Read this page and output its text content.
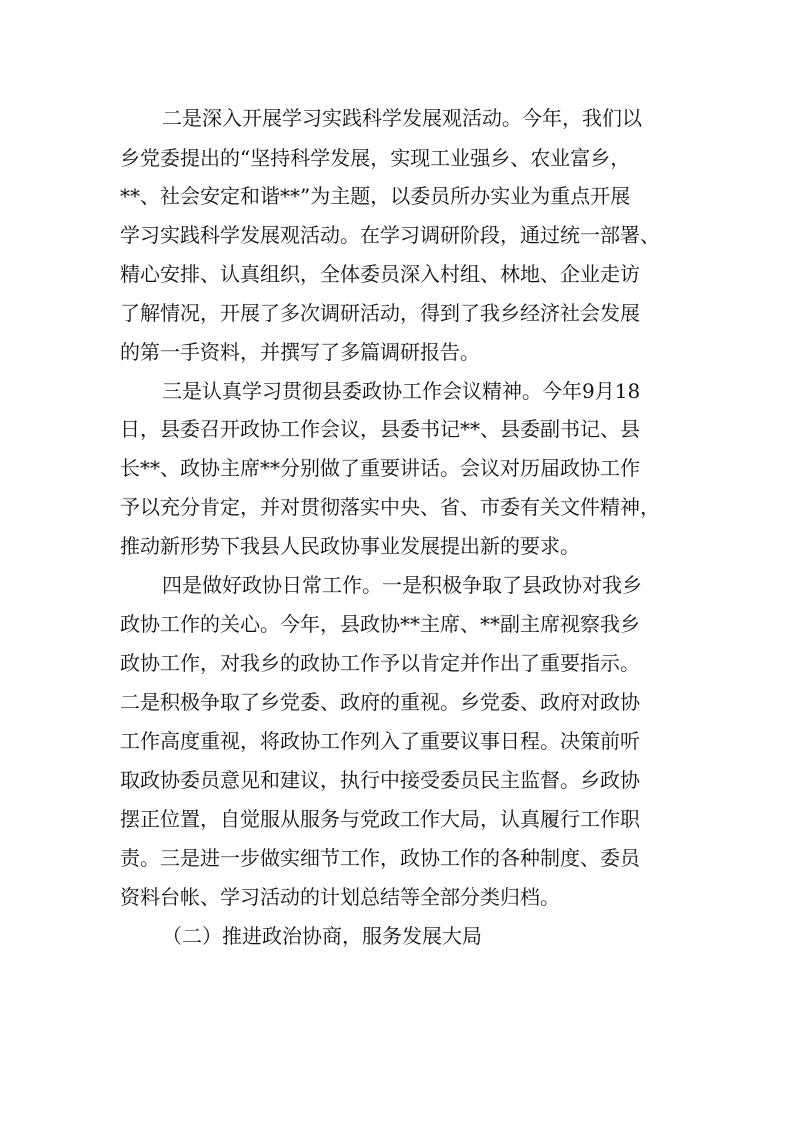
二是深入开展学习实践科学发展观活动。今年，我们以
乡党委提出的“坚持科学发展，实现工业强乡、农业富乡，
**、社会安定和谐**”为主题，以委员所办实业为重点开展
学习实践科学发展观活动。在学习调研阶段，通过统一部署、
精心安排、认真组织，全体委员深入村组、林地、企业走访
了解情况，开展了多次调研活动，得到了我乡经济社会发展
的第一手资料，并撰写了多篇调研报告。
三是认真学习贯彻县委政协工作会议精神。今年9月18
日，县委召开政协工作会议，县委书记**、县委副书记、县
长**、政协主席**分别做了重要讲话。会议对历届政协工作
予以充分肯定，并对贯彻落实中央、省、市委有关文件精神，
推动新形势下我县人民政协事业发展提出新的要求。
四是做好政协日常工作。一是积极争取了县政协对我乡
政协工作的关心。今年，县政协**主席、**副主席视察我乡
政协工作，对我乡的政协工作予以肯定并作出了重要指示。
二是积极争取了乡党委、政府的重视。乡党委、政府对政协
工作高度重视，将政协工作列入了重要议事日程。决策前听
取政协委员意见和建议，执行中接受委员民主监督。乡政协
摆正位置，自觉服从服务与党政工作大局，认真履行工作职
责。三是进一步做实细节工作，政协工作的各种制度、委员
资料台帐、学习活动的计划总结等全部分类归档。
（二）推进政治协商，服务发展大局
